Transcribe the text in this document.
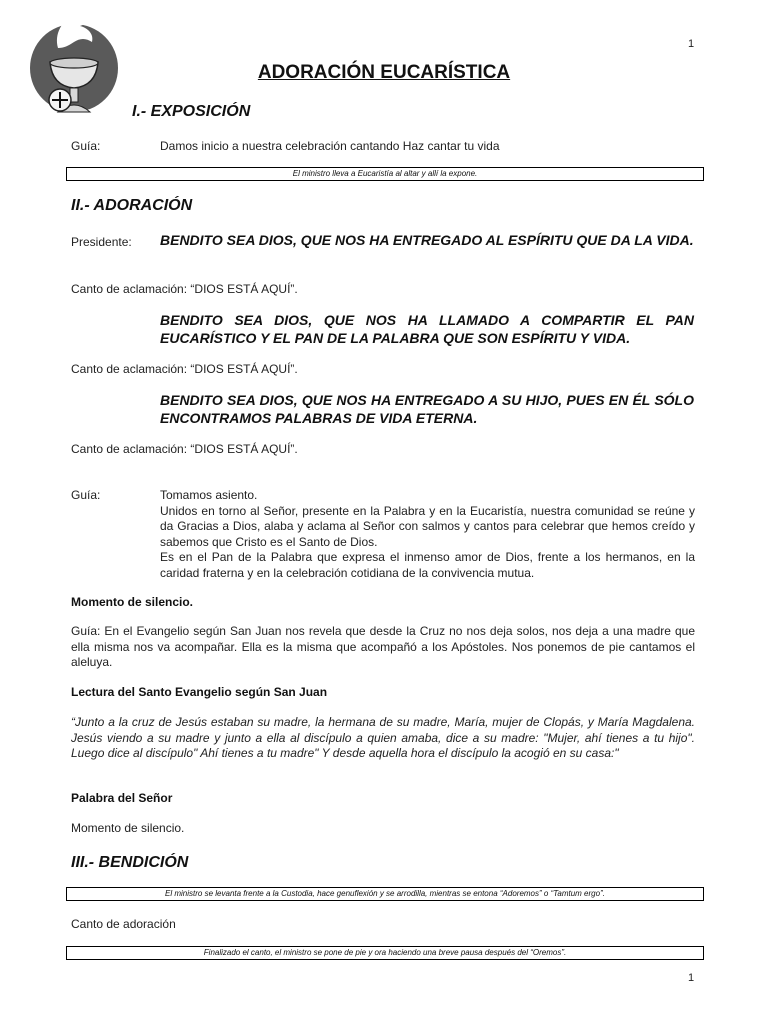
1
ADORACIÓN EUCARÍSTICA
I.- EXPOSICIÓN
Guía:	Damos inicio a nuestra celebración cantando Haz cantar tu vida
El ministro lleva a Eucaristía al altar y allí la expone.
II.- ADORACIÓN
Presidente: BENDITO SEA DIOS, QUE NOS HA ENTREGADO AL ESPÍRITU QUE DA LA VIDA.
Canto de aclamación: “DIOS ESTÁ AQUÍ”.
BENDITO SEA DIOS, QUE NOS HA LLAMADO A COMPARTIR EL PAN EUCARÍSTICO Y EL PAN DE LA PALABRA QUE SON ESPÍRITU Y VIDA.
Canto de aclamación: “DIOS ESTÁ AQUÍ”.
BENDITO SEA DIOS, QUE NOS HA ENTREGADO A SU HIJO, PUES EN ÉL SÓLO ENCONTRAMOS PALABRAS DE VIDA ETERNA.
Canto de aclamación: “DIOS ESTÁ AQUÍ”.
Guía:	Tomamos asiento.

Unidos en torno al Señor, presente en la Palabra y en la Eucaristía, nuestra comunidad se reúne y da Gracias a Dios, alaba y aclama al Señor con salmos y cantos para celebrar que hemos creído y sabemos que Cristo es el Santo de Dios.

Es en el Pan de la Palabra que expresa el inmenso amor de Dios, frente a los hermanos, en la caridad fraterna y en la celebración cotidiana de la convivencia mutua.

Momento de silencio.
Guía: En el Evangelio según San Juan nos revela que desde la Cruz no nos deja solos, nos deja a una madre que ella misma nos va acompañar. Ella es la misma que acompañó a los Apóstoles. Nos ponemos de pie cantamos el aleluya.
Lectura del Santo Evangelio según San Juan
“Junto a la cruz de Jesús estaban su madre, la hermana de su madre, María, mujer de Clopás, y María Magdalena. Jesús viendo a su madre y junto a ella al discípulo a quien amaba, dice a su madre: "Mujer, ahí tienes a tu hijo". Luego dice al discípulo" Ahí tienes a tu madre" Y desde aquella hora el discípulo la acogió en su casa:"
Palabra del Señor
Momento de silencio.
III.- BENDICIÓN
El ministro se levanta frente a la Custodia, hace genuflexión y se arrodilla, mientras se entona “Adoremos” o “Tamtum ergo”.
Canto de adoración
Finalizado el canto, el ministro se pone de pie y ora haciendo una breve pausa después del “Oremos”.
1
